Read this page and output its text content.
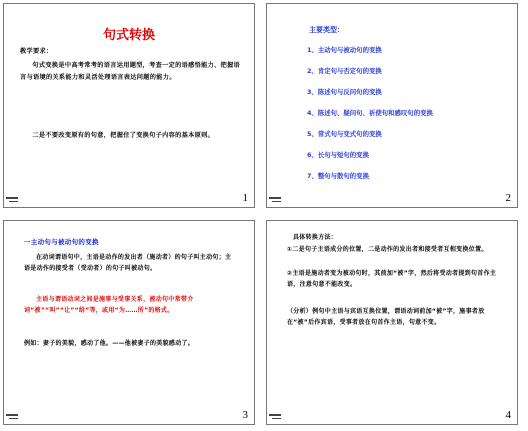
句式转换
教学要求：
句式变换是中高考常考的语言运用题型，考查一定的语感悟能力、把握语言与语境的关系能力和灵活处理语言表达问题的能力。
二是不要改变原有的句意，把握住了变换句子内容的基本原则。
1
主要类型：
1、主动句与被动句的变换
2、肯定句与否定句的变换
3、陈述句与反问句的变换
4、陈述句、疑问句、祈使句和感叹句的变换
5、常式句与变式句的变换
6、长句与短句的变换
7、整句与散句的变换
2
一主动句与被动句的变换
在动词谓语句中，主语是动作的发出者（施动者）的句子叫主动句；主语是动作的接受者（受动者）的句子叫被动句。
主语与谓语动词之间是施事与受事关系，被动句中常带介词“被”“叫”“让”“给”等，或用“为……所”的格式。
例如：妻子的美貌，感动了他。——他被妻子的美貌感动了。
3
具体转换方法：
①二是句子主语成分的位置，二是动作的发出者和接受者互相变换位置。
②主语是施动者变为被动句时，其前加“被”字，然后将受动者提到句首作主语，注意句意不能改变。
（分析）例句中主语与宾语互换位置，谓语动词前加“被”字，施事者放在“被”后作宾语，受事者放在句首作主语，句意不变。
4
